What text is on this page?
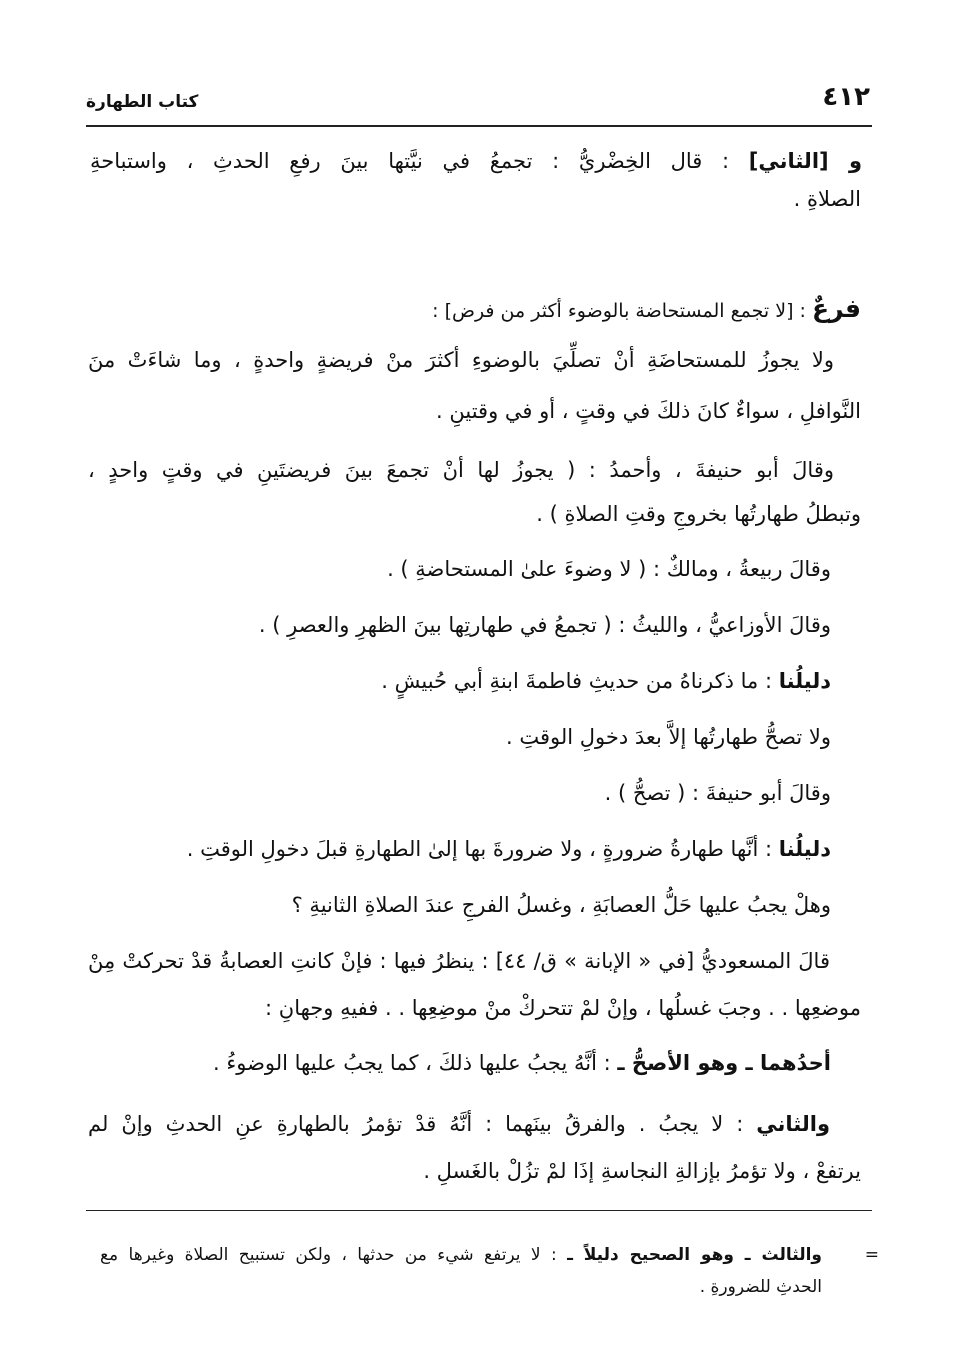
٤١٢
كتاب الطهارة
و [الثاني] : قال الخِضْريُّ : تجمعُ في نيَّتها بينَ رفعِ الحدثِ ، واستباحةِ
الصلاةِ .
فرعٌ : [لا تجمع المستحاضة بالوضوء أكثر من فرض] :
ولا يجوزُ للمستحاضَةِ أنْ تصلِّيَ بالوضوءِ أكثرَ منْ فريضةٍ واحدةٍ ، وما شاءَتْ منَ
النَّوافلِ ، سواءٌ كانَ ذلكَ في وقتٍ ، أو في وقتينِ .
وقالَ أبو حنيفةَ ، وأحمدُ : ( يجوزُ لها أنْ تجمعَ بينَ فريضتَينِ في وقتٍ واحدٍ ،
وتبطلُ طهارتُها بخروجِ وقتِ الصلاةِ ) .
وقالَ ربيعةُ ، ومالكٌ : ( لا وضوءَ علىٰ المستحاضةِ ) .
وقالَ الأوزاعيُّ ، والليثُ : ( تجمعُ في طهارتِها بينَ الظهرِ والعصرِ ) .
دليلُنا : ما ذكرناهُ من حديثِ فاطمةَ ابنةِ أبي حُبيشٍ .
ولا تصحُّ طهارتُها إلاَّ بعدَ دخولِ الوقتِ .
وقالَ أبو حنيفةَ : ( تصحُّ ) .
دليلُنا : أنَّها طهارةُ ضرورةٍ ، ولا ضرورةَ بها إلىٰ الطهارةِ قبلَ دخولِ الوقتِ .
وهلْ يجبُ عليها حَلُّ العصابَةِ ، وغسلُ الفرجِ عندَ الصلاةِ الثانيةِ ؟
قالَ المسعوديُّ [في « الإبانة » ق/ ٤٤] : ينظرُ فيها : فإنْ كانتِ العصابةُ قدْ تحركتْ مِنْ
موضعِها . . وجبَ غسلُها ، وإنْ لمْ تتحركْ منْ موضِعِها . . ففيهِ وجهانِ :
أحدُهما ـ وهو الأصحُّ ـ : أنَّهُ يجبُ عليها ذلكَ ، كما يجبُ عليها الوضوءُ .
والثاني : لا يجبُ . والفرقُ بينَهما : أنَّهُ قدْ تؤمرُ بالطهارةِ عنِ الحدثِ وإنْ لم
يرتفعْ ، ولا تؤمرُ بإزالةِ النجاسةِ إذَا لمْ تزُلْ بالغَسلِ .
=
والثالث ـ وهو الصحيح دليلاً ـ : لا يرتفع شيء من حدثها ، ولكن تستبيح الصلاة وغيرها مع
الحدثِ للضرورةِ .
